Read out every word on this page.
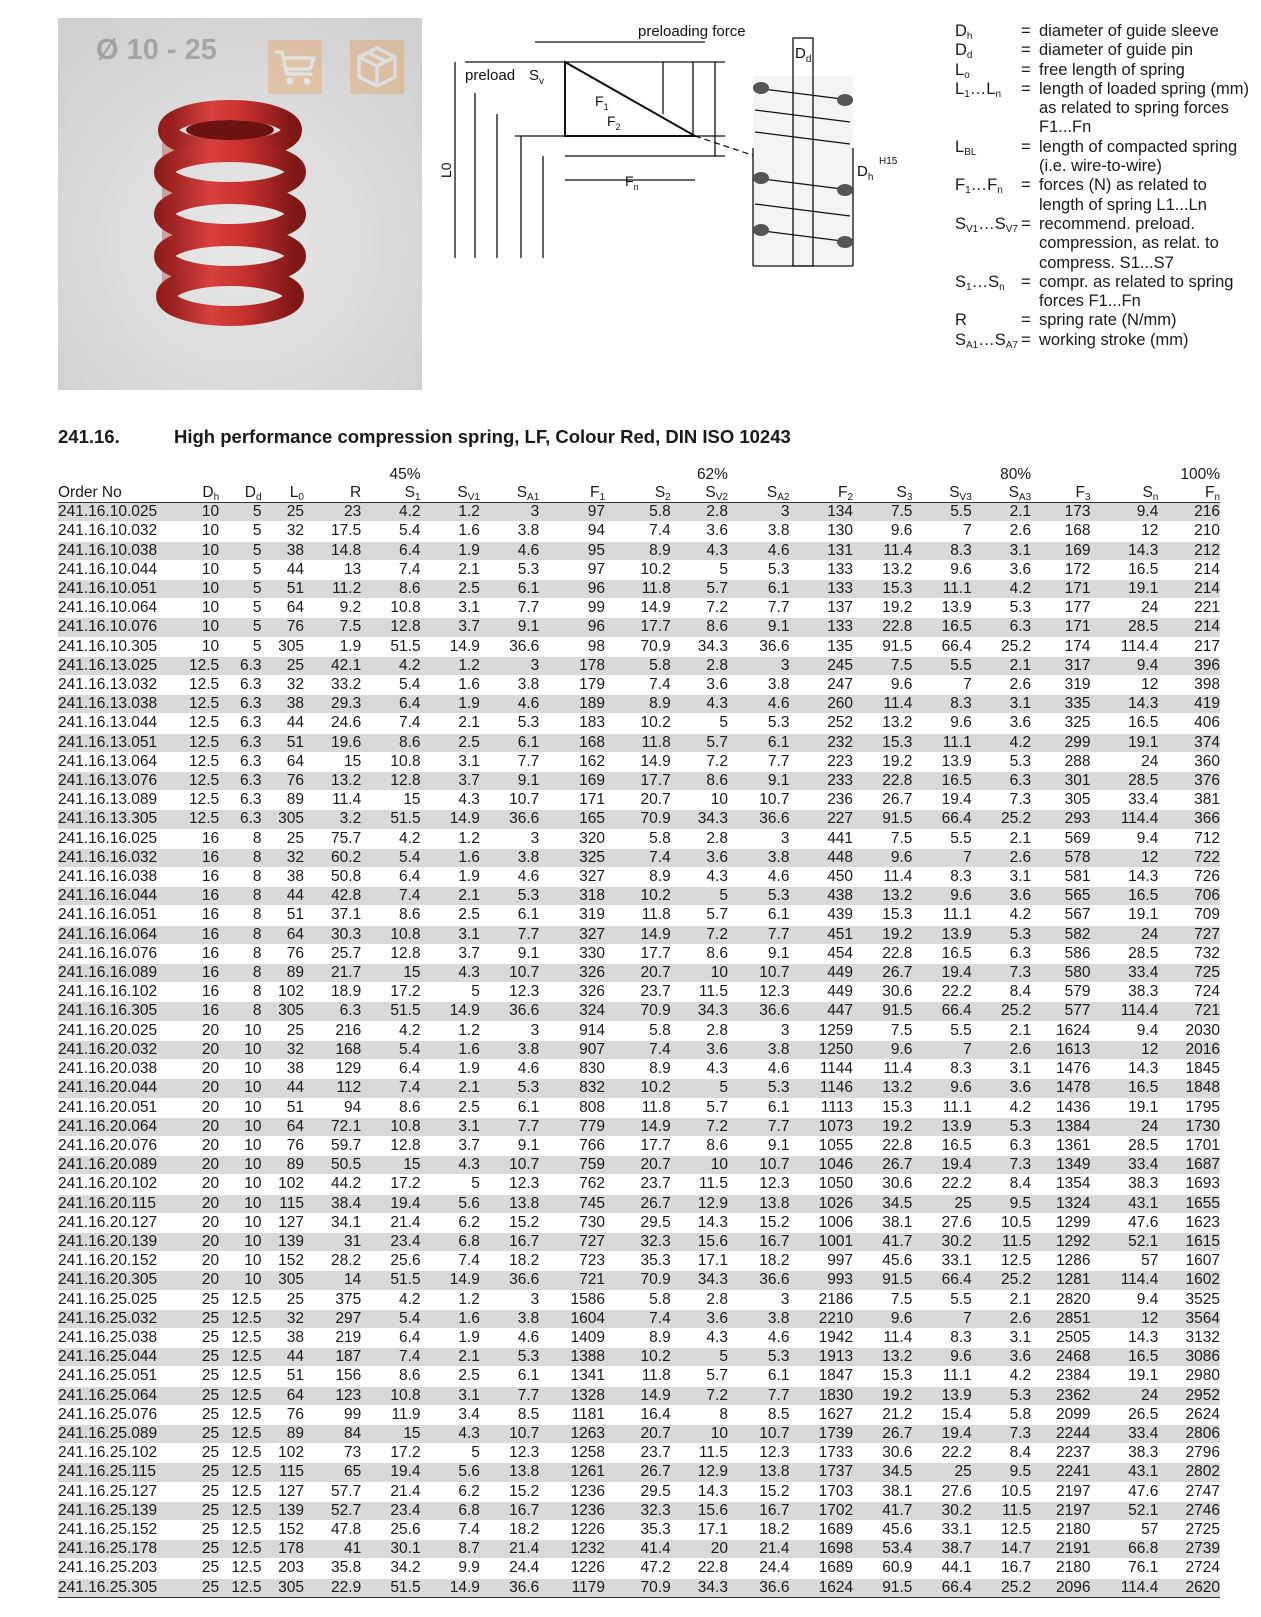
preloading force
preload $S_v$
$F_1$
$F_2$
$F_n$
L0
$D_d$
$D_h$
H15
$D_h$	= diameter of guide sleeve
$D_d$	= diameter of guide pin
$L_o$	= free length of spring
$L_1\dots L_n$	= length of loaded spring (mm) as related to spring forces F1...Fn
$L_{BL}$	= length of compacted spring (i.e. wire-to-wire)
$F_1\dots F_n$	= forces (N) as related to length of spring L1...Ln
$S_{V1}\dots S_{V7}$ = recommend. preload. compression, as relat. to compress. S1...S7
$S_1\dots S_n$ = compr. as related to spring forces F1...Fn
R	= spring rate (N/mm)
$S_{A1}\dots S_{A7}$ = working stroke (mm)
241.16.	High performance compression spring, LF, Colour Red, DIN ISO 10243
					45%					62%					80%			100%
Order No	$D_h$	$D_d$	$L_0$	R	$S_1$	$S_{V1}$	$S_{A1}$	$F_1$	$S_2$	$S_{V2}$	$S_{A2}$	$F_2$	$S_3$	$S_{V3}$	$S_{A3}$	$F_3$	$S_n$	$F_n$
241.16.10.025	10	5	25	23	4.2	1.2	3	97	5.8	2.8	3	134	7.5	5.5	2.1	173	9.4	216
241.16.10.032	10	5	32	17.5	5.4	1.6	3.8	94	7.4	3.6	3.8	130	9.6	7	2.6	168	12	210
241.16.10.038	10	5	38	14.8	6.4	1.9	4.6	95	8.9	4.3	4.6	131	11.4	8.3	3.1	169	14.3	212
241.16.10.044	10	5	44	13	7.4	2.1	5.3	97	10.2	5	5.3	133	13.2	9.6	3.6	172	16.5	214
241.16.10.051	10	5	51	11.2	8.6	2.5	6.1	96	11.8	5.7	6.1	133	15.3	11.1	4.2	171	19.1	214
241.16.10.064	10	5	64	9.2	10.8	3.1	7.7	99	14.9	7.2	7.7	137	19.2	13.9	5.3	177	24	221
241.16.10.076	10	5	76	7.5	12.8	3.7	9.1	96	17.7	8.6	9.1	133	22.8	16.5	6.3	171	28.5	214
241.16.10.305	10	5	305	1.9	51.5	14.9	36.6	98	70.9	34.3	36.6	135	91.5	66.4	25.2	174	114.4	217
241.16.13.025	12.5	6.3	25	42.1	4.2	1.2	3	178	5.8	2.8	3	245	7.5	5.5	2.1	317	9.4	396
241.16.13.032	12.5	6.3	32	33.2	5.4	1.6	3.8	179	7.4	3.6	3.8	247	9.6	7	2.6	319	12	398
241.16.13.038	12.5	6.3	38	29.3	6.4	1.9	4.6	189	8.9	4.3	4.6	260	11.4	8.3	3.1	335	14.3	419
241.16.13.044	12.5	6.3	44	24.6	7.4	2.1	5.3	183	10.2	5	5.3	252	13.2	9.6	3.6	325	16.5	406
241.16.13.051	12.5	6.3	51	19.6	8.6	2.5	6.1	168	11.8	5.7	6.1	232	15.3	11.1	4.2	299	19.1	374
241.16.13.064	12.5	6.3	64	15	10.8	3.1	7.7	162	14.9	7.2	7.7	223	19.2	13.9	5.3	288	24	360
241.16.13.076	12.5	6.3	76	13.2	12.8	3.7	9.1	169	17.7	8.6	9.1	233	22.8	16.5	6.3	301	28.5	376
241.16.13.089	12.5	6.3	89	11.4	15	4.3	10.7	171	20.7	10	10.7	236	26.7	19.4	7.3	305	33.4	381
241.16.13.305	12.5	6.3	305	3.2	51.5	14.9	36.6	165	70.9	34.3	36.6	227	91.5	66.4	25.2	293	114.4	366
241.16.16.025	16	8	25	75.7	4.2	1.2	3	320	5.8	2.8	3	441	7.5	5.5	2.1	569	9.4	712
241.16.16.032	16	8	32	60.2	5.4	1.6	3.8	325	7.4	3.6	3.8	448	9.6	7	2.6	578	12	722
241.16.16.038	16	8	38	50.8	6.4	1.9	4.6	327	8.9	4.3	4.6	450	11.4	8.3	3.1	581	14.3	726
241.16.16.044	16	8	44	42.8	7.4	2.1	5.3	318	10.2	5	5.3	438	13.2	9.6	3.6	565	16.5	706
241.16.16.051	16	8	51	37.1	8.6	2.5	6.1	319	11.8	5.7	6.1	439	15.3	11.1	4.2	567	19.1	709
241.16.16.064	16	8	64	30.3	10.8	3.1	7.7	327	14.9	7.2	7.7	451	19.2	13.9	5.3	582	24	727
241.16.16.076	16	8	76	25.7	12.8	3.7	9.1	330	17.7	8.6	9.1	454	22.8	16.5	6.3	586	28.5	732
241.16.16.089	16	8	89	21.7	15	4.3	10.7	326	20.7	10	10.7	449	26.7	19.4	7.3	580	33.4	725
241.16.16.102	16	8	102	18.9	17.2	5	12.3	326	23.7	11.5	12.3	449	30.6	22.2	8.4	579	38.3	724
241.16.16.305	16	8	305	6.3	51.5	14.9	36.6	324	70.9	34.3	36.6	447	91.5	66.4	25.2	577	114.4	721
241.16.20.025	20	10	25	216	4.2	1.2	3	914	5.8	2.8	3	1259	7.5	5.5	2.1	1624	9.4	2030
241.16.20.032	20	10	32	168	5.4	1.6	3.8	907	7.4	3.6	3.8	1250	9.6	7	2.6	1613	12	2016
241.16.20.038	20	10	38	129	6.4	1.9	4.6	830	8.9	4.3	4.6	1144	11.4	8.3	3.1	1476	14.3	1845
241.16.20.044	20	10	44	112	7.4	2.1	5.3	832	10.2	5	5.3	1146	13.2	9.6	3.6	1478	16.5	1848
241.16.20.051	20	10	51	94	8.6	2.5	6.1	808	11.8	5.7	6.1	1113	15.3	11.1	4.2	1436	19.1	1795
241.16.20.064	20	10	64	72.1	10.8	3.1	7.7	779	14.9	7.2	7.7	1073	19.2	13.9	5.3	1384	24	1730
241.16.20.076	20	10	76	59.7	12.8	3.7	9.1	766	17.7	8.6	9.1	1055	22.8	16.5	6.3	1361	28.5	1701
241.16.20.089	20	10	89	50.5	15	4.3	10.7	759	20.7	10	10.7	1046	26.7	19.4	7.3	1349	33.4	1687
241.16.20.102	20	10	102	44.2	17.2	5	12.3	762	23.7	11.5	12.3	1050	30.6	22.2	8.4	1354	38.3	1693
241.16.20.115	20	10	115	38.4	19.4	5.6	13.8	745	26.7	12.9	13.8	1026	34.5	25	9.5	1324	43.1	1655
241.16.20.127	20	10	127	34.1	21.4	6.2	15.2	730	29.5	14.3	15.2	1006	38.1	27.6	10.5	1299	47.6	1623
241.16.20.139	20	10	139	31	23.4	6.8	16.7	727	32.3	15.6	16.7	1001	41.7	30.2	11.5	1292	52.1	1615
241.16.20.152	20	10	152	28.2	25.6	7.4	18.2	723	35.3	17.1	18.2	997	45.6	33.1	12.5	1286	57	1607
241.16.20.305	20	10	305	14	51.5	14.9	36.6	721	70.9	34.3	36.6	993	91.5	66.4	25.2	1281	114.4	1602
241.16.25.025	25	12.5	25	375	4.2	1.2	3	1586	5.8	2.8	3	2186	7.5	5.5	2.1	2820	9.4	3525
241.16.25.032	25	12.5	32	297	5.4	1.6	3.8	1604	7.4	3.6	3.8	2210	9.6	7	2.6	2851	12	3564
241.16.25.038	25	12.5	38	219	6.4	1.9	4.6	1409	8.9	4.3	4.6	1942	11.4	8.3	3.1	2505	14.3	3132
241.16.25.044	25	12.5	44	187	7.4	2.1	5.3	1388	10.2	5	5.3	1913	13.2	9.6	3.6	2468	16.5	3086
241.16.25.051	25	12.5	51	156	8.6	2.5	6.1	1341	11.8	5.7	6.1	1847	15.3	11.1	4.2	2384	19.1	2980
241.16.25.064	25	12.5	64	123	10.8	3.1	7.7	1328	14.9	7.2	7.7	1830	19.2	13.9	5.3	2362	24	2952
241.16.25.076	25	12.5	76	99	11.9	3.4	8.5	1181	16.4	8	8.5	1627	21.2	15.4	5.8	2099	26.5	2624
241.16.25.089	25	12.5	89	84	15	4.3	10.7	1263	20.7	10	10.7	1739	26.7	19.4	7.3	2244	33.4	2806
241.16.25.102	25	12.5	102	73	17.2	5	12.3	1258	23.7	11.5	12.3	1733	30.6	22.2	8.4	2237	38.3	2796
241.16.25.115	25	12.5	115	65	19.4	5.6	13.8	1261	26.7	12.9	13.8	1737	34.5	25	9.5	2241	43.1	2802
241.16.25.127	25	12.5	127	57.7	21.4	6.2	15.2	1236	29.5	14.3	15.2	1703	38.1	27.6	10.5	2197	47.6	2747
241.16.25.139	25	12.5	139	52.7	23.4	6.8	16.7	1236	32.3	15.6	16.7	1702	41.7	30.2	11.5	2197	52.1	2746
241.16.25.152	25	12.5	152	47.8	25.6	7.4	18.2	1226	35.3	17.1	18.2	1689	45.6	33.1	12.5	2180	57	2725
241.16.25.178	25	12.5	178	41	30.1	8.7	21.4	1232	41.4	20	21.4	1698	53.4	38.7	14.7	2191	66.8	2739
241.16.25.203	25	12.5	203	35.8	34.2	9.9	24.4	1226	47.2	22.8	24.4	1689	60.9	44.1	16.7	2180	76.1	2724
241.16.25.305	25	12.5	305	22.9	51.5	14.9	36.6	1179	70.9	34.3	36.6	1624	91.5	66.4	25.2	2096	114.4	2620
